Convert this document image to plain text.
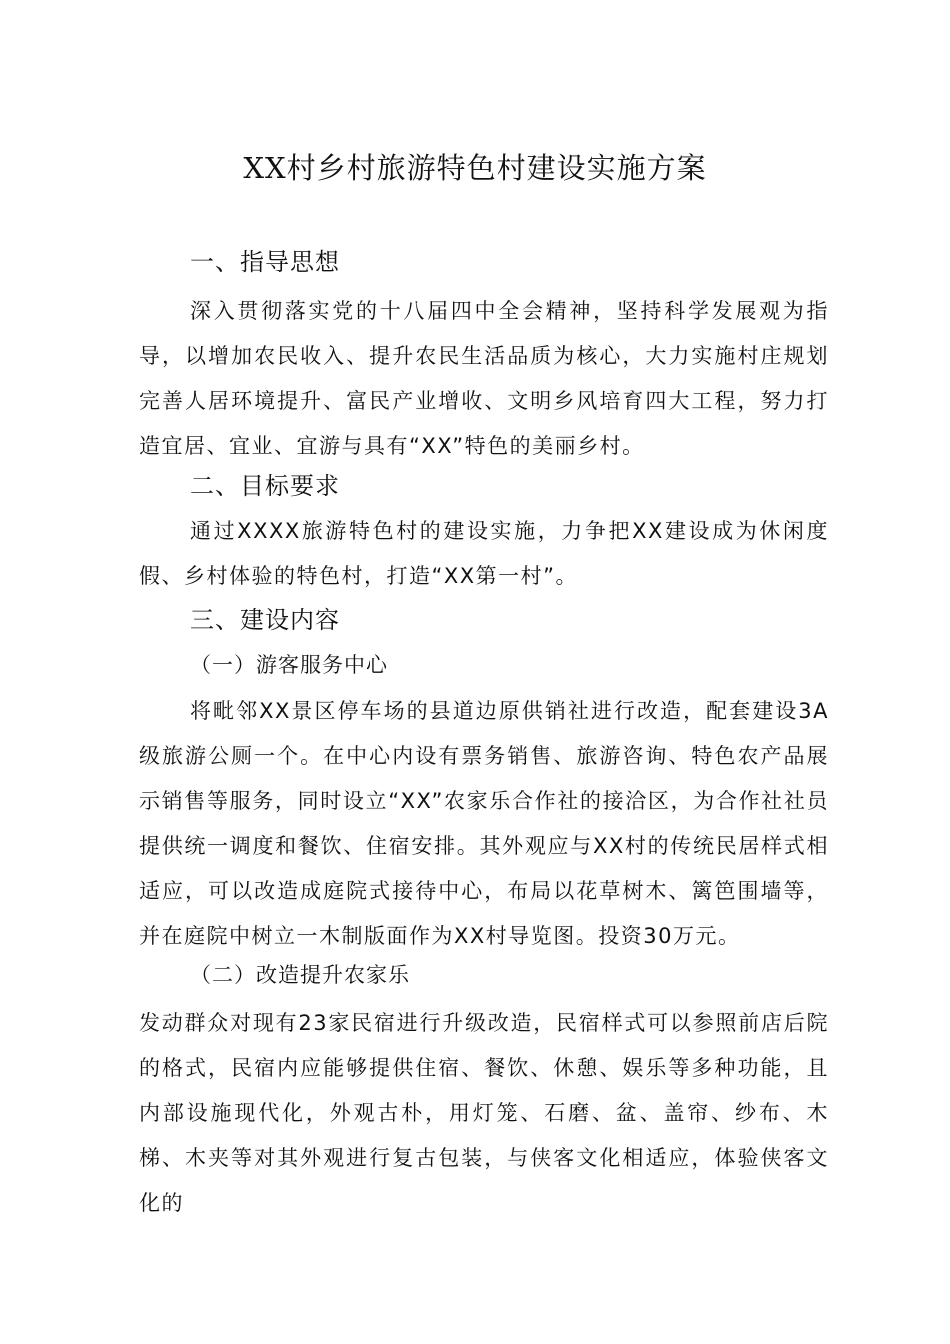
XX村乡村旅游特色村建设实施方案
一、指导思想
深入贯彻落实党的十八届四中全会精神，坚持科学发展观为指导，以增加农民收入、提升农民生活品质为核心，大力实施村庄规划完善人居环境提升、富民产业增收、文明乡风培育四大工程，努力打造宜居、宜业、宜游与具有“XX”特色的美丽乡村。
二、目标要求
通过XXXX旅游特色村的建设实施，力争把XX建设成为休闲度假、乡村体验的特色村，打造“XX第一村”。
三、建设内容
（一）游客服务中心
将毗邻XX景区停车场的县道边原供销社进行改造，配套建设3A级旅游公厕一个。在中心内设有票务销售、旅游咨询、特色农产品展示销售等服务，同时设立“XX”农家乐合作社的接洽区，为合作社社员提供统一调度和餐饮、住宿安排。其外观应与XX村的传统民居样式相适应，可以改造成庭院式接待中心，布局以花草树木、篱笆围墙等，并在庭院中树立一木制版面作为XX村导览图。投资30万元。
（二）改造提升农家乐
发动群众对现有23家民宿进行升级改造，民宿样式可以参照前店后院的格式，民宿内应能够提供住宿、餐饮、休憩、娱乐等多种功能，且内部设施现代化，外观古朴，用灯笼、石磨、盆、盖帘、纱布、木梯、木夹等对其外观进行复古包装，与侠客文化相适应，体验侠客文化的
